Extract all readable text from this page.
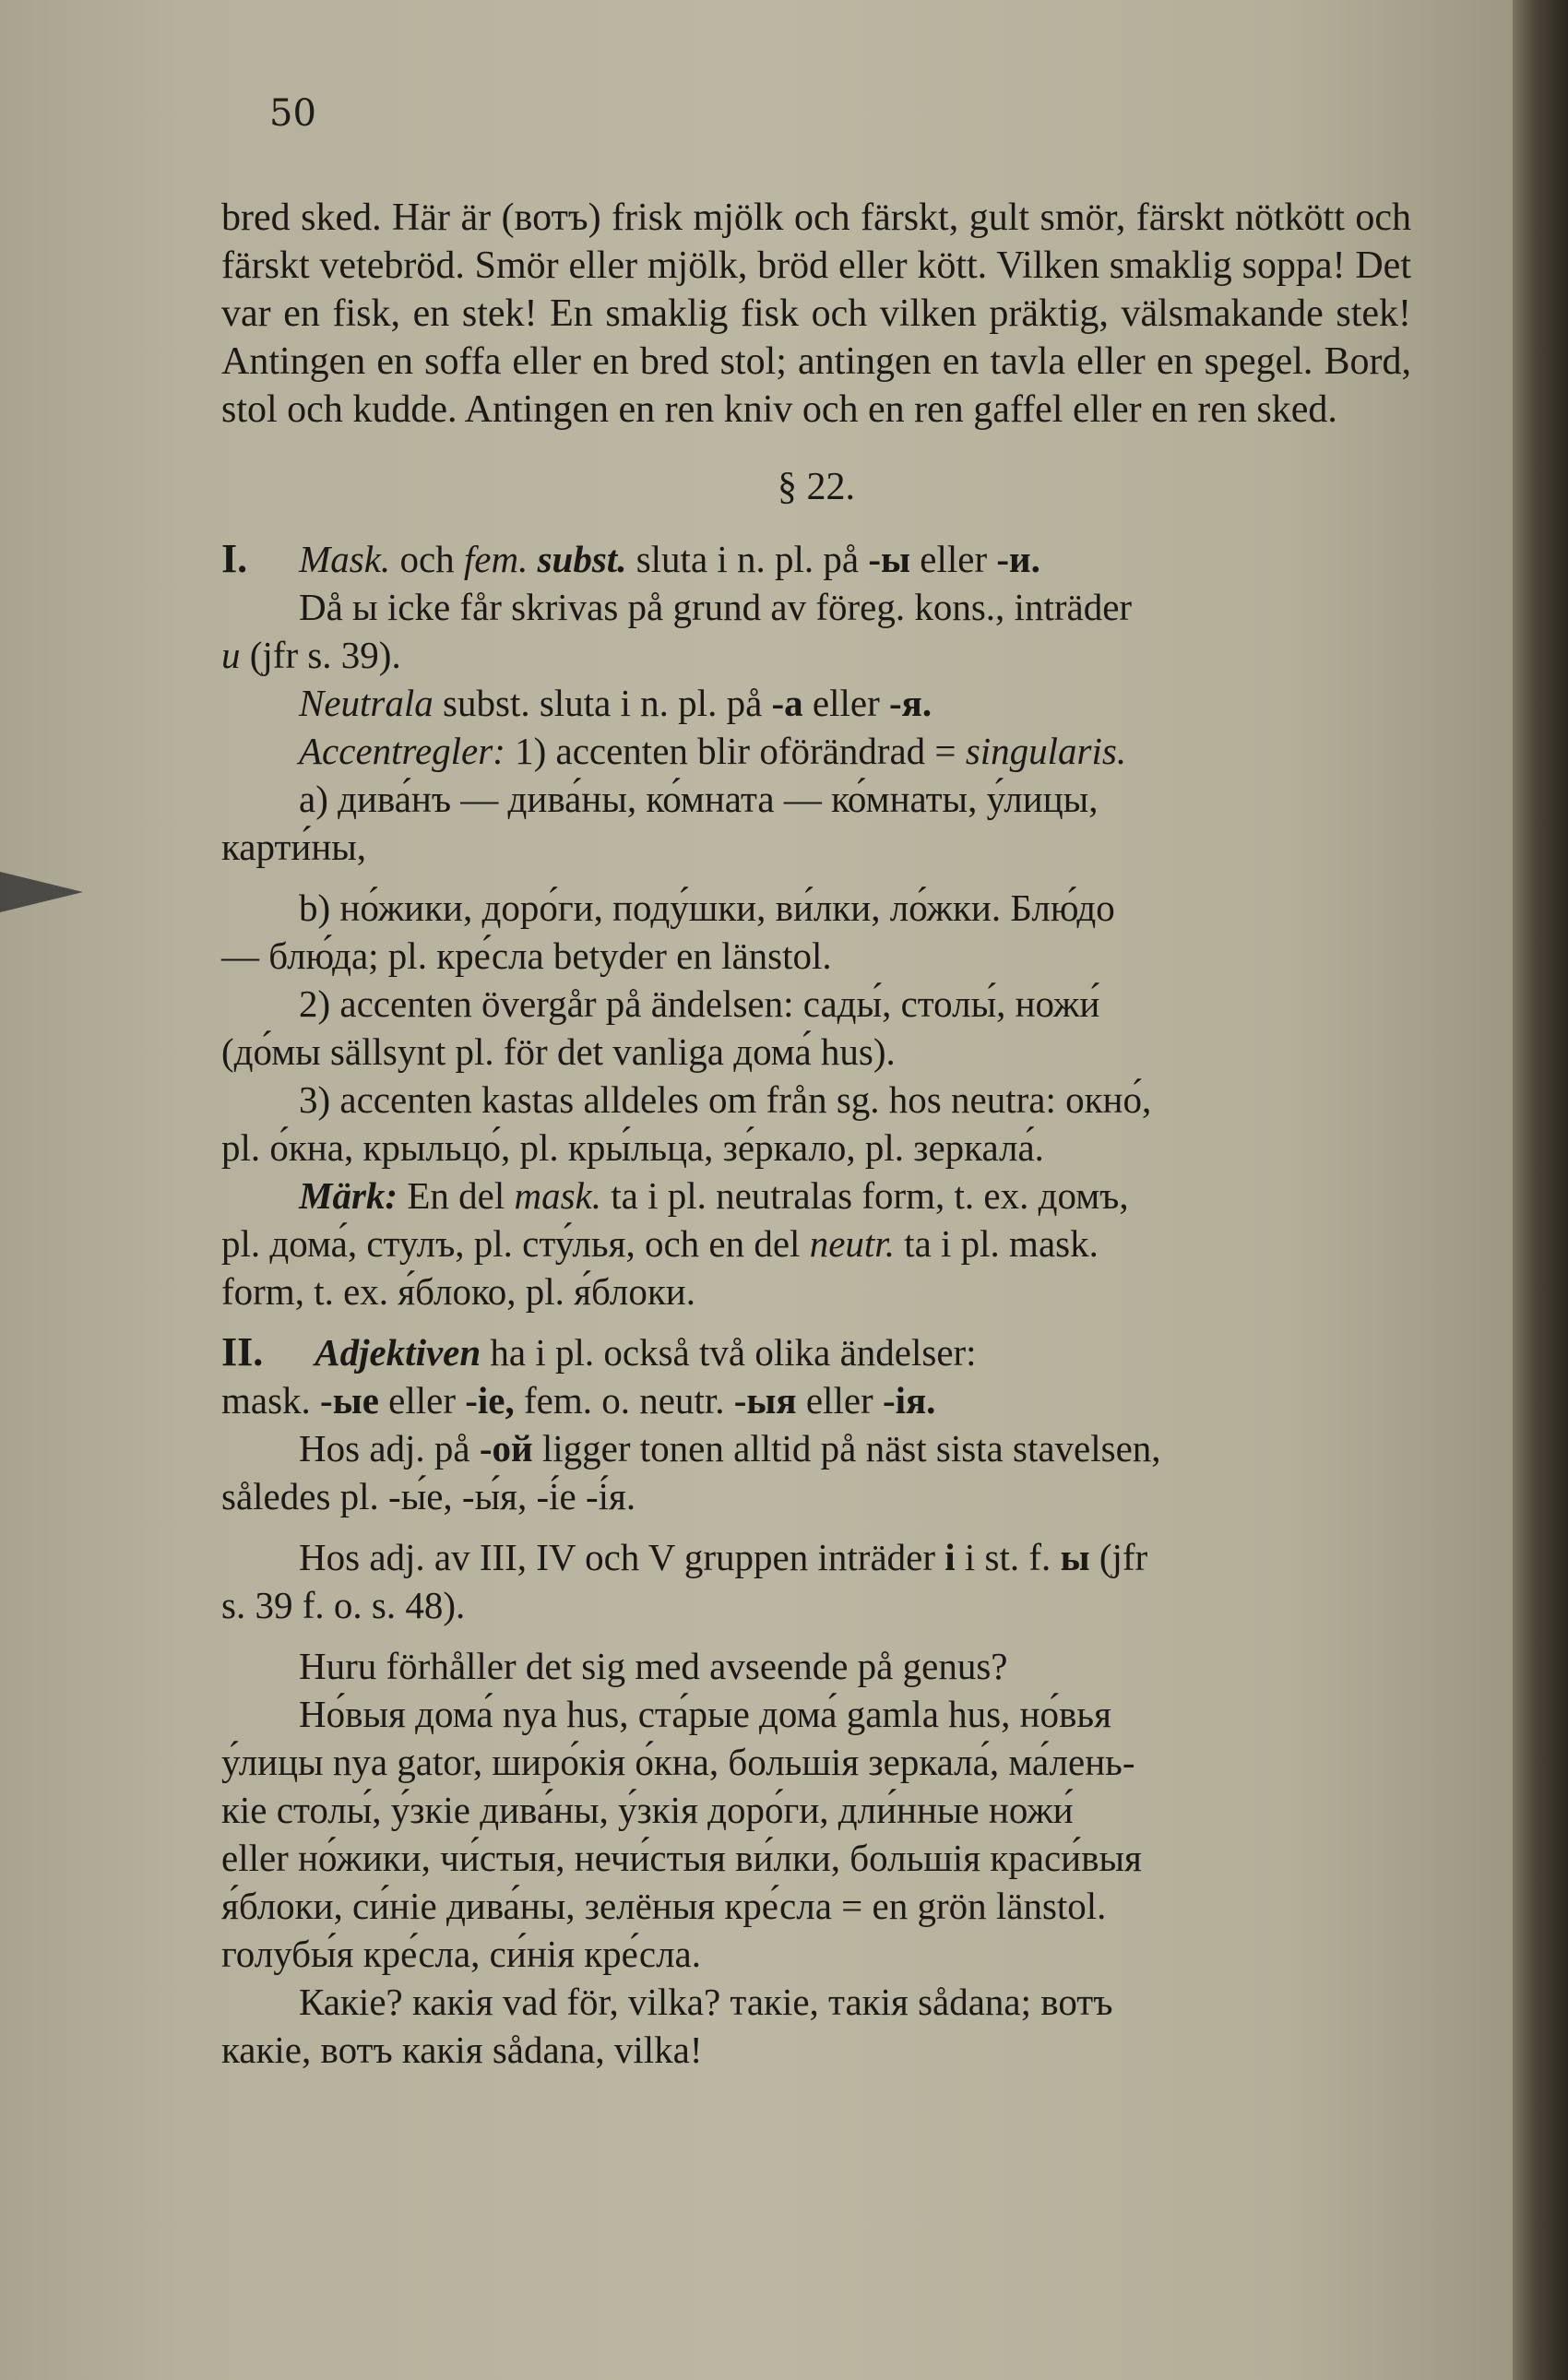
50

bred sked. Här är (вотъ) frisk mjölk och färskt, gult smör, färskt nötkött och färskt vetebröd. Smör eller mjölk, bröd eller kött. Vilken smaklig soppa! Det var en fisk, en stek! En smaklig fisk och vilken präktig, välsmakande stek! Antingen en soffa eller en bred stol; antingen en tavla eller en spegel. Bord, stol och kudde. Antingen en ren kniv och en ren gaffel eller en ren sked.

§ 22.

I. Mask. och fem. subst. sluta i n. pl. på -ы eller -и.

Då ы icke får skrivas på grund av föreg. kons., inträder

и (jfr s. 39).

Neutrala subst. sluta i n. pl. på -а eller -я.

Accentregler: 1) accenten blir oförändrad = singularis.

а) дива́нъ — дива́ны, ко́мната — ко́мнаты, у́лицы,

карти́ны,

b) но́жики, доро́ги, поду́шки, ви́лки, ло́жки. Блю́до

— блю́да; pl. кре́сла betyder en länstol.

2) accenten övergår på ändelsen: сады́, столы́, ножи́

(до́мы sällsynt pl. för det vanliga дома́ hus).

3) accenten kastas alldeles om från sg. hos neutra: окно́,

pl. о́кна, крыльцо́, pl. кры́льца, зе́ркало, pl. зеркала́.

Märk: En del mask. ta i pl. neutralas form, t. ex. домъ,

pl. дома́, стулъ, pl. сту́лья, och en del neutr. ta i pl. mask.

form, t. ex. я́блоко, pl. я́блоки.

II. Adjektiven ha i pl. också två olika ändelser:

mask. -ые eller -іе, fem. o. neutr. -ыя eller -ія.

Hos adj. på -ой ligger tonen alltid på näst sista stavelsen,

således pl. -ы́е, -ы́я, -і́е -і́я.

Hos adj. av III, IV och V gruppen inträder і i st. f. ы (jfr

s. 39 f. o. s. 48).

Huru förhåller det sig med avseende på genus?

Но́выя дома́ nya hus, ста́рые дома́ gamla hus, но́вья

у́лицы nya gator, широ́кія о́кна, большія зеркала́, ма́лень-

кіе столы́, у́зкіе дива́ны, у́зкія доро́ги, дли́нные ножи́

eller но́жики, чи́стыя, нечи́стыя ви́лки, большія краси́выя

я́блоки, си́ніе дива́ны, зелёныя кре́сла = en grön länstol.

голубы́я кре́сла, си́нія кре́сла.

Какіе? какія vad för, vilka? такіе, такія sådana; вотъ

какіе, вотъ какія sådana, vilka!
